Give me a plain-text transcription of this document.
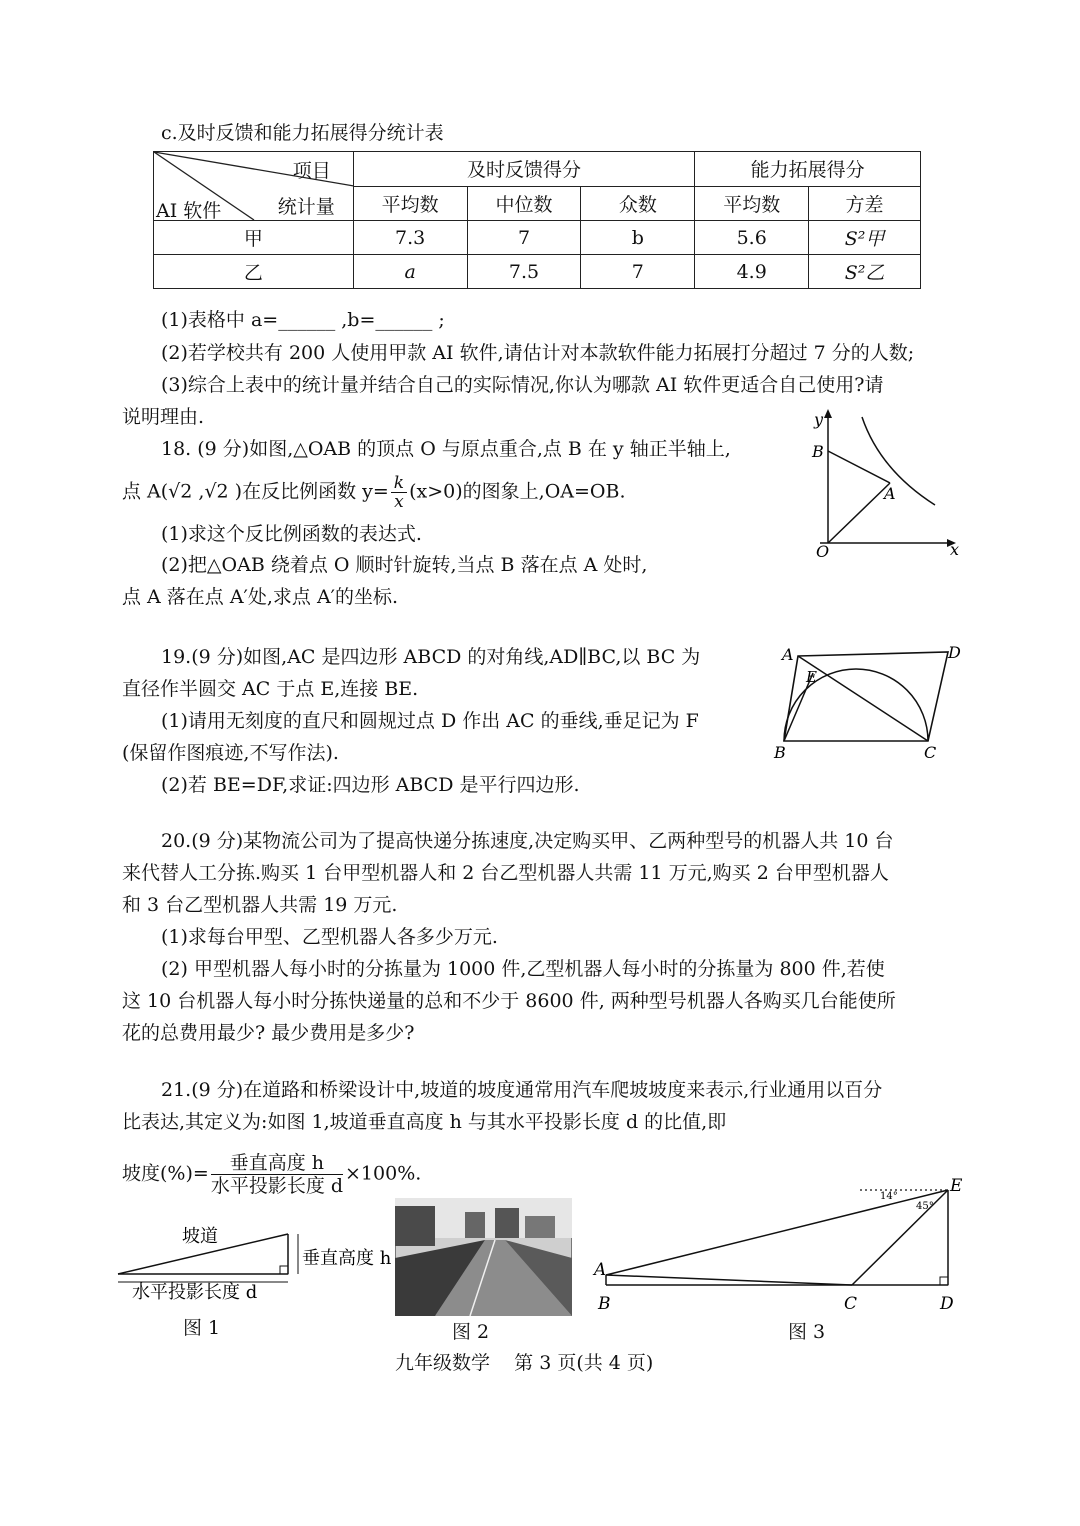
c.及时反馈和能力拓展得分统计表
项目
统计量
AI 软件	及时反馈得分			能力拓展得分	
	平均数	中位数	众数	平均数	方差
甲	7.3	7	b	5.6	S²甲
乙	a	7.5	7	4.9	S²乙
(1)表格中 a=______ ,b=______ ;
(2)若学校共有 200 人使用甲款 AI 软件,请估计对本款软件能力拓展打分超过 7 分的人数;
(3)综合上表中的统计量并结合自己的实际情况,你认为哪款 AI 软件更适合自己使用?请
说明理由.
18. (9 分)如图,△OAB 的顶点 O 与原点重合,点 B 在 y 轴正半轴上,
点 A(√2 ,√2 )在反比例函数 $y= \frac{k}{x} (x>0)$的图象上,OA=OB.
(1)求这个反比例函数的表达式.
(2)把△OAB 绕着点 O 顺时针旋转,当点 B 落在点 A 处时,
点 A 落在点 A′处,求点 A′的坐标.
y
B
A
O	x
19.(9 分)如图,AC 是四边形 ABCD 的对角线,AD∥BC,以 BC 为
直径作半圆交 AC 于点 E,连接 BE.
(1)请用无刻度的直尺和圆规过点 D 作出 AC 的垂线,垂足记为 F
(保留作图痕迹,不写作法).
(2)若 BE=DF,求证:四边形 ABCD 是平行四边形.
A	D
E
B	C
20.(9 分)某物流公司为了提高快递分拣速度,决定购买甲、乙两种型号的机器人共 10 台
来代替人工分拣.购买 1 台甲型机器人和 2 台乙型机器人共需 11 万元,购买 2 台甲型机器人
和 3 台乙型机器人共需 19 万元.
(1)求每台甲型、乙型机器人各多少万元.
(2) 甲型机器人每小时的分拣量为 1000 件,乙型机器人每小时的分拣量为 800 件,若使
这 10 台机器人每小时分拣快递量的总和不少于 8600 件, 两种型号机器人各购买几台能使所
花的总费用最少? 最少费用是多少?
21.(9 分)在道路和桥梁设计中,坡道的坡度通常用汽车爬坡坡度来表示,行业通用以百分
比表达,其定义为:如图 1,坡道垂直高度 h 与其水平投影长度 d 的比值,即
坡度(%)= $\frac{\text{垂直高度 h}}{\text{水平投影长度 d}} \times 100\%$.
坡道
垂直高度 h
水平投影长度 d
图 1	图 2
14°
45°
A
B	C	D
E
图 3
九年级数学    第 3 页(共 4 页)
